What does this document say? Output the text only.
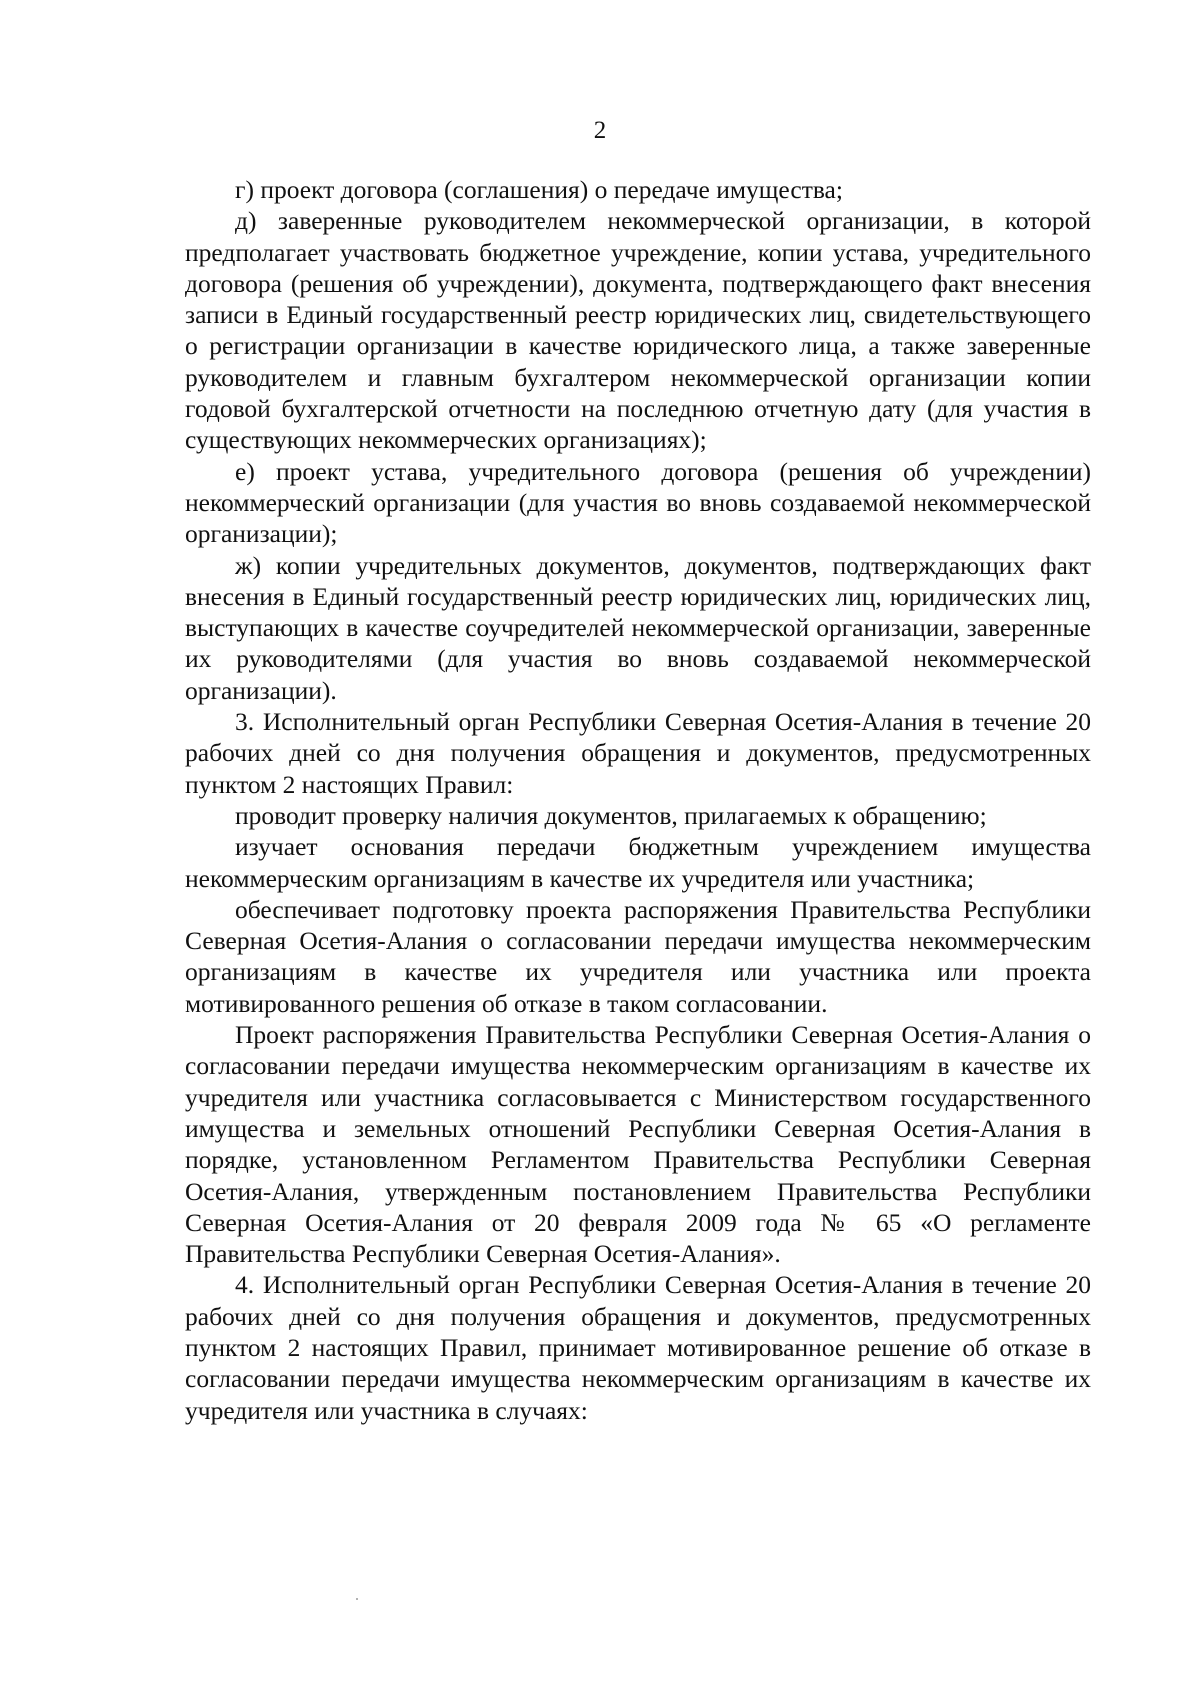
2

г) проект договора (соглашения) о передаче имущества;

д) заверенные руководителем некоммерческой организации, в которой предполагает участвовать бюджетное учреждение, копии устава, учредительного договора (решения об учреждении), документа, подтверждающего факт внесения записи в Единый государственный реестр юридических лиц, свидетельствующего о регистрации организации в качестве юридического лица, а также заверенные руководителем и главным бухгалтером некоммерческой организации копии годовой бухгалтерской отчетности на последнюю отчетную дату (для участия в существующих некоммерческих организациях);

е) проект устава, учредительного договора (решения об учреждении) некоммерческий организации (для участия во вновь создаваемой некоммерческой организации);

ж) копии учредительных документов, документов, подтверждающих факт внесения в Единый государственный реестр юридических лиц, юридических лиц, выступающих в качестве соучредителей некоммерческой организации, заверенные их руководителями (для участия во вновь создаваемой некоммерческой организации).

3. Исполнительный орган Республики Северная Осетия-Алания в течение 20 рабочих дней со дня получения обращения и документов, предусмотренных пунктом 2 настоящих Правил:

проводит проверку наличия документов, прилагаемых к обращению;

изучает основания передачи бюджетным учреждением имущества некоммерческим организациям в качестве их учредителя или участника;

обеспечивает подготовку проекта распоряжения Правительства Республики Северная Осетия-Алания о согласовании передачи имущества некоммерческим организациям в качестве их учредителя или участника или проекта мотивированного решения об отказе в таком согласовании.

Проект распоряжения Правительства Республики Северная Осетия-Алания о согласовании передачи имущества некоммерческим организациям в качестве их учредителя или участника согласовывается с Министерством государственного имущества и земельных отношений Республики Северная Осетия-Алания в порядке, установленном Регламентом Правительства Республики Северная Осетия-Алания, утвержденным постановлением Правительства Республики Северная Осетия-Алания от 20 февраля 2009 года № 65 «О регламенте Правительства Республики Северная Осетия-Алания».

4. Исполнительный орган Республики Северная Осетия-Алания в течение 20 рабочих дней со дня получения обращения и документов, предусмотренных пунктом 2 настоящих Правил, принимает мотивированное решение об отказе в согласовании передачи имущества некоммерческим организациям в качестве их учредителя или участника в случаях:
